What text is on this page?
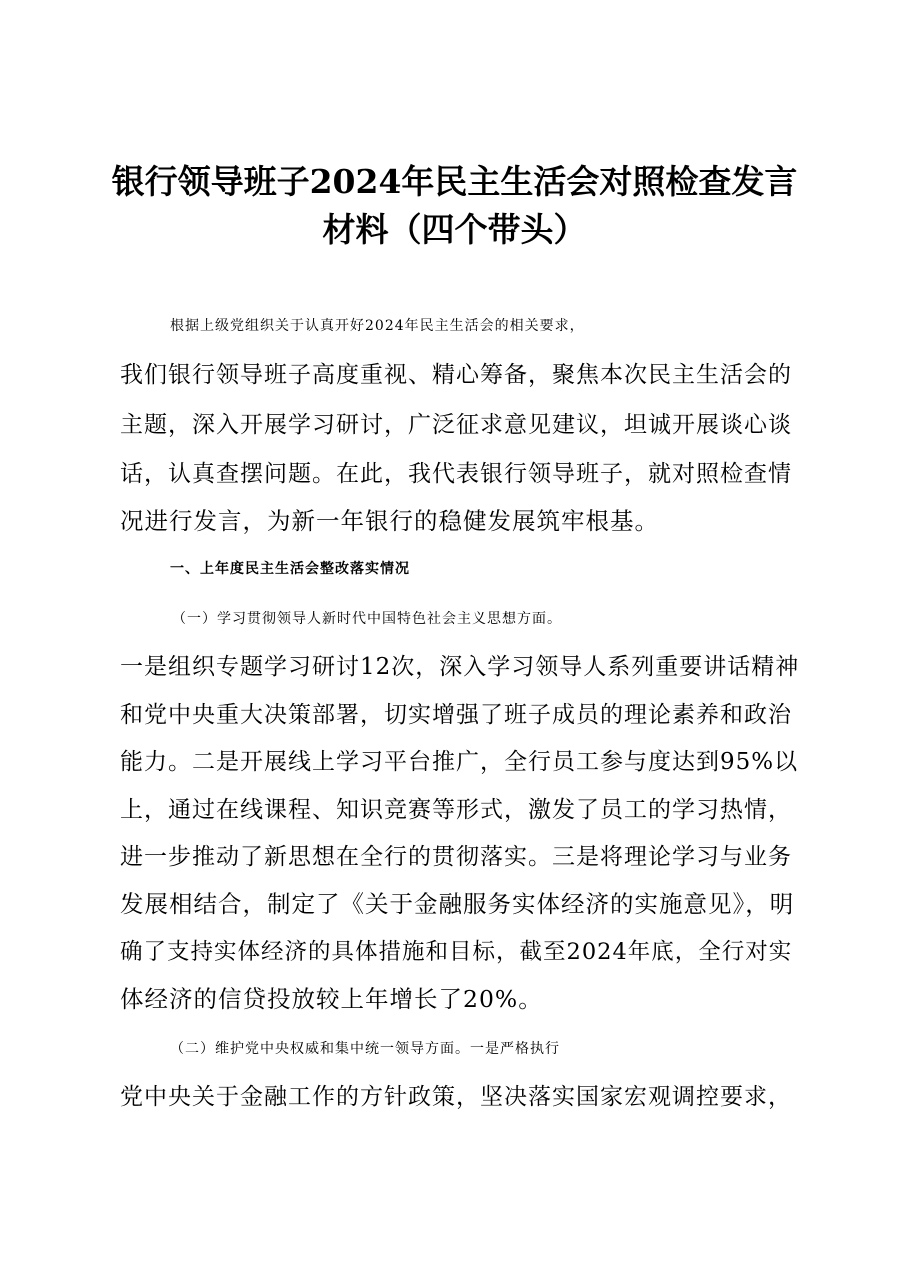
银行领导班子2024年民主生活会对照检查发言
材料（四个带头）

根据上级党组织关于认真开好2024年民主生活会的相关要求，

我们银行领导班子高度重视、精心筹备，聚焦本次民主生活会的

主题，深入开展学习研讨，广泛征求意见建议，坦诚开展谈心谈

话，认真查摆问题。在此，我代表银行领导班子，就对照检查情

况进行发言，为新一年银行的稳健发展筑牢根基。

一、上年度民主生活会整改落实情况

（一）学习贯彻领导人新时代中国特色社会主义思想方面。

一是组织专题学习研讨12次，深入学习领导人系列重要讲话精神

和党中央重大决策部署，切实增强了班子成员的理论素养和政治

能力。二是开展线上学习平台推广，全行员工参与度达到95%以

上，通过在线课程、知识竞赛等形式，激发了员工的学习热情，

进一步推动了新思想在全行的贯彻落实。三是将理论学习与业务

发展相结合，制定了《关于金融服务实体经济的实施意见》，明

确了支持实体经济的具体措施和目标，截至2024年底，全行对实

体经济的信贷投放较上年增长了20%。

（二）维护党中央权威和集中统一领导方面。一是严格执行

党中央关于金融工作的方针政策，坚决落实国家宏观调控要求，
